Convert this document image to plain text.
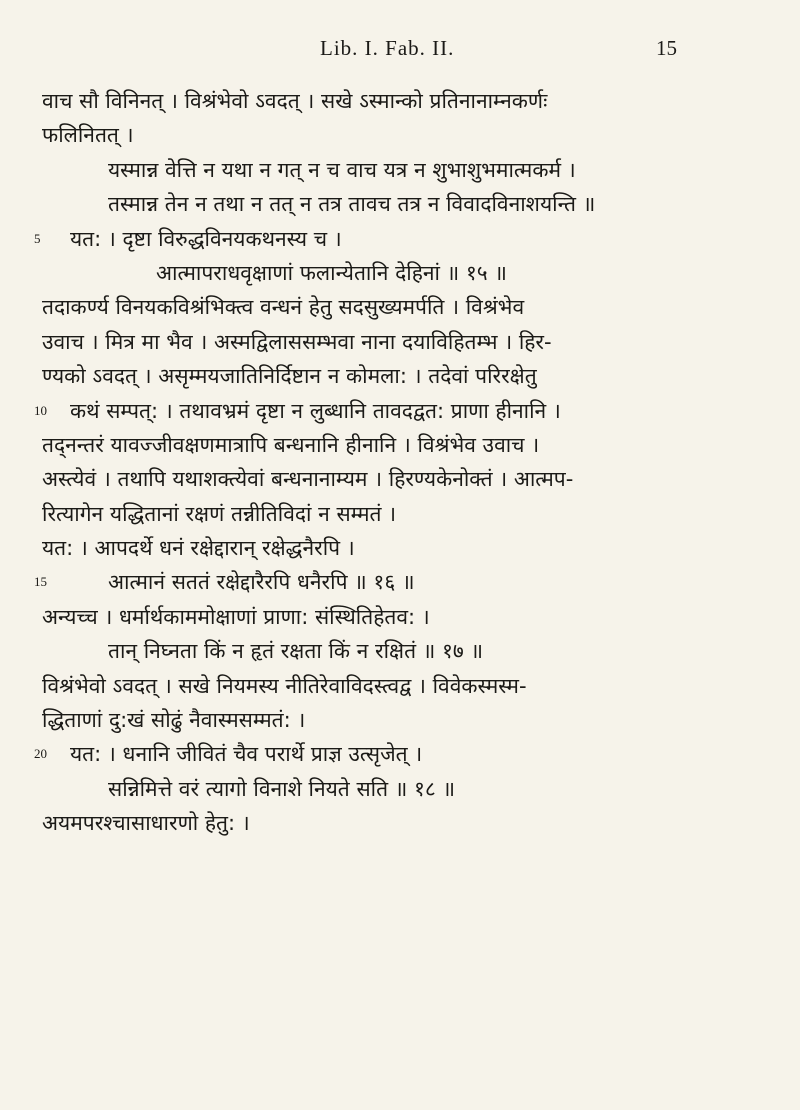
Lib. I. Fab. II.	15
वाच सौ विनिनत् । विश्रंभेवो ऽवदत् । सखे ऽस्मान्को प्रतिनानाम्नकर्णः
फलिनितत् ।
यस्मान्न वेत्ति न यथा न गत् न च वाच यत्र न शुभाशुभमात्मकर्म ।
तस्मान्न तेन न तथा न तत् न तत्र तावच तत्र न विवादविनाशयन्ति ॥
5 यत: । दृष्टा विरुद्धविनयकथनस्य च ।
आत्मापराधवृक्षाणां फलान्येतानि देहिनां ॥ १५ ॥
तदाकर्ण्य विनयकविश्रंभिक्त्व वन्धनं हेतु सदसुख्यमर्पति । विश्रंभेव
उवाच । मित्र मा भैव । अस्मद्विलाससम्भवा नाना दयाविहितम्भ । हिर-
ण्यको ऽवदत् । असृम्मयजातिनिर्दिष्टान न कोमला: । तदेवां परिरक्षेतु
10 कथं सम्पत्: । तथावभ्रमं दृष्टा न लुब्धानि तावदद्वत: प्राणा हीनानि ।
तद्नन्तरं यावज्जीवक्षणमात्रापि बन्धनानि हीनानि । विश्रंभेव उवाच ।
अस्त्येवं । तथापि यथाशक्त्येवां बन्धनानाम्यम । हिरण्यकेनोक्तं । आत्मप-
रित्यागेन यद्धितानां रक्षणं तन्नीतिविदां न सम्मतं ।
यत: । आपदर्थे धनं रक्षेद्दारान् रक्षेद्धनैरपि ।
15	आत्मानं सततं रक्षेद्दारैरपि धनैरपि ॥ १६ ॥
अन्यच्च । धर्मार्थकाममोक्षाणां प्राणा: संस्थितिहेतव: ।
तान् निघ्नता किं न हृतं रक्षता किं न रक्षितं ॥ १७ ॥
विश्रंभेवो ऽवदत् । सखे नियमस्य नीतिरेवाविदस्त्वद्व । विवेकस्मस्म-
द्धिताणां दु:खं सोढुं नैवास्मसम्मतं: ।
20 यत: । धनानि जीवितं चैव परार्थे प्राज्ञ उत्सृजेत् ।
सन्निमित्ते वरं त्यागो विनाशे नियते सति ॥ १८ ॥
अयमपरश्चासाधारणो हेतु: ।
